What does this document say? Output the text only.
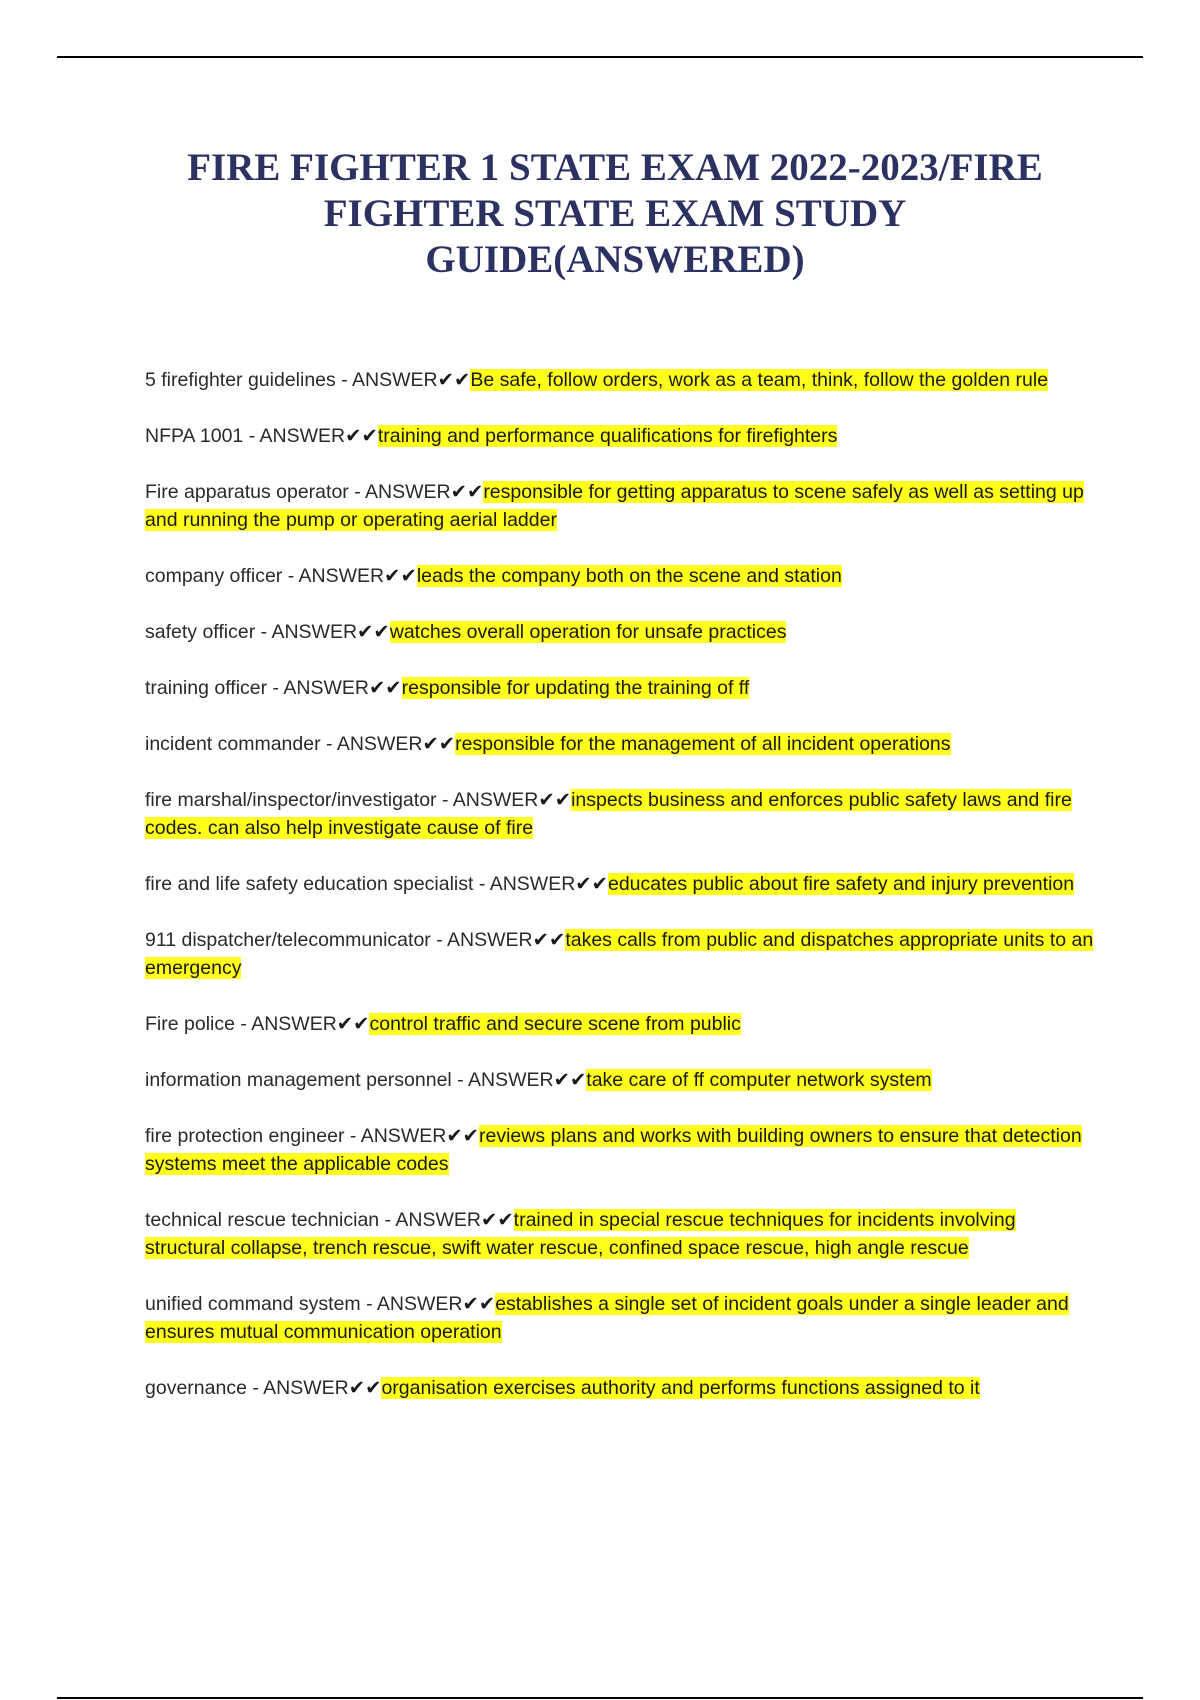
FIRE FIGHTER 1 STATE EXAM 2022-2023/FIRE FIGHTER STATE EXAM STUDY GUIDE(ANSWERED)
5 firefighter guidelines - ANSWER✔✔Be safe, follow orders, work as a team, think, follow the golden rule
NFPA 1001 - ANSWER✔✔training and performance qualifications for firefighters
Fire apparatus operator - ANSWER✔✔responsible for getting apparatus to scene safely as well as setting up and running the pump or operating aerial ladder
company officer - ANSWER✔✔leads the company both on the scene and station
safety officer - ANSWER✔✔watches overall operation for unsafe practices
training officer - ANSWER✔✔responsible for updating the training of ff
incident commander - ANSWER✔✔responsible for the management of all incident operations
fire marshal/inspector/investigator - ANSWER✔✔inspects business and enforces public safety laws and fire codes. can also help investigate cause of fire
fire and life safety education specialist - ANSWER✔✔educates public about fire safety and injury prevention
911 dispatcher/telecommunicator - ANSWER✔✔takes calls from public and dispatches appropriate units to an emergency
Fire police - ANSWER✔✔control traffic and secure scene from public
information management personnel - ANSWER✔✔take care of ff computer network system
fire protection engineer - ANSWER✔✔reviews plans and works with building owners to ensure that detection systems meet the applicable codes
technical rescue technician - ANSWER✔✔trained in special rescue techniques for incidents involving structural collapse, trench rescue, swift water rescue, confined space rescue, high angle rescue
unified command system - ANSWER✔✔establishes a single set of incident goals under a single leader and ensures mutual communication operation
governance - ANSWER✔✔organisation exercises authority and performs functions assigned to it
